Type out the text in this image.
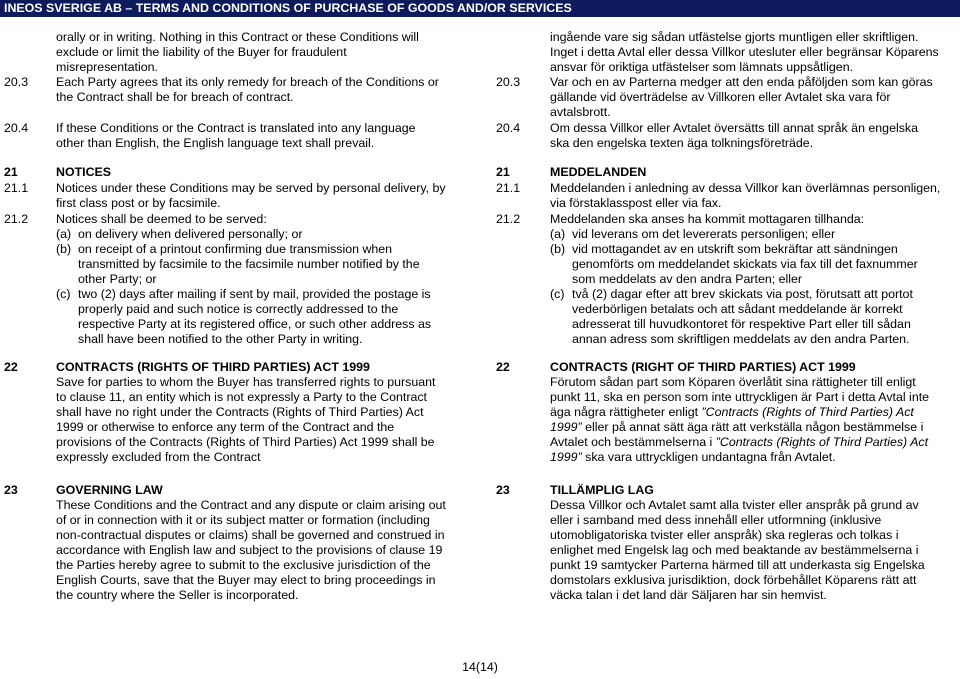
INEOS SVERIGE AB – TERMS AND CONDITIONS OF PURCHASE OF GOODS AND/OR SERVICES
orally or in writing. Nothing in this Contract or these Conditions will
exclude or limit the liability of the Buyer for fraudulent
misrepresentation.
20.3	Each Party agrees that its only remedy for breach of the Conditions or
the Contract shall be for breach of contract.
20.4	If these Conditions or the Contract is translated into any language
other than English, the English language text shall prevail.
21	NOTICES
21.1	Notices under these Conditions may be served by personal delivery, by
first class post or by facsimile.
21.2	Notices shall be deemed to be served:
(a) on delivery when delivered personally; or
(b) on receipt of a printout confirming due transmission when
transmitted by facsimile to the facsimile number notified by the
other Party; or
(c) two (2) days after mailing if sent by mail, provided the postage is
properly paid and such notice is correctly addressed to the
respective Party at its registered office, or such other address as
shall have been notified to the other Party in writing.
22	CONTRACTS (RIGHTS OF THIRD PARTIES) ACT 1999
Save for parties to whom the Buyer has transferred rights to pursuant
to clause 11, an entity which is not expressly a Party to the Contract
shall have no right under the Contracts (Rights of Third Parties) Act
1999 or otherwise to enforce any term of the Contract and the
provisions of the Contracts (Rights of Third Parties) Act 1999 shall be
expressly excluded from the Contract
23	GOVERNING LAW
These Conditions and the Contract and any dispute or claim arising out
of or in connection with it or its subject matter or formation (including
non-contractual disputes or claims) shall be governed and construed in
accordance with English law and subject to the provisions of clause 19
the Parties hereby agree to submit to the exclusive jurisdiction of the
English Courts, save that the Buyer may elect to bring proceedings in
the country where the Seller is incorporated.
ingående vare sig sådan utfästelse gjorts muntligen eller skriftligen.
Inget i detta Avtal eller dessa Villkor utesluter eller begränsar Köparens
ansvar för oriktiga utfästelser som lämnats uppsåtligen.
20.3	Var och en av Parterna medger att den enda påföljden som kan göras
gällande vid överträdelse av Villkoren eller Avtalet ska vara för
avtalsbrott.
20.4	Om dessa Villkor eller Avtalet översätts till annat språk än engelska
ska den engelska texten äga tolkningsföreträde.
21	MEDDELANDEN
21.1	Meddelanden i anledning av dessa Villkor kan överlämnas personligen,
via förstaklasspost eller via fax.
21.2	Meddelanden ska anses ha kommit mottagaren tillhanda:
(a) vid leverans om det levererats personligen; eller
(b) vid mottagandet av en utskrift som bekräftar att sändningen
genomförts om meddelandet skickats via fax till det faxnummer
som meddelats av den andra Parten; eller
(c) två (2) dagar efter att brev skickats via post, förutsatt att portot
vederbörligen betalats och att sådant meddelande är korrekt
adresserat till huvudkontoret för respektive Part eller till sådan
annan adress som skriftligen meddelats av den andra Parten.
22	CONTRACTS (RIGHT OF THIRD PARTIES) ACT 1999
Förutom sådan part som Köparen överlåtit sina rättigheter till enligt
punkt 11, ska en person som inte uttryckligen är Part i detta Avtal inte
äga några rättigheter enligt ”Contracts (Rights of Third Parties) Act
1999” eller på annat sätt äga rätt att verkställa någon bestämmelse i
Avtalet och bestämmelserna i ”Contracts (Rights of Third Parties) Act
1999” ska vara uttryckligen undantagna från Avtalet.
23	TILLÄMPLIG LAG
Dessa Villkor och Avtalet samt alla tvister eller anspråk på grund av
eller i samband med dess innehåll eller utformning (inklusive
utomobligatoriska tvister eller anspråk) ska regleras och tolkas i
enlighet med Engelsk lag och med beaktande av bestämmelserna i
punkt 19 samtycker Parterna härmed till att underkasta sig Engelska
domstolars exklusiva jurisdiktion, dock förbehållet Köparens rätt att
väcka talan i det land där Säljaren har sin hemvist.
14(14)
